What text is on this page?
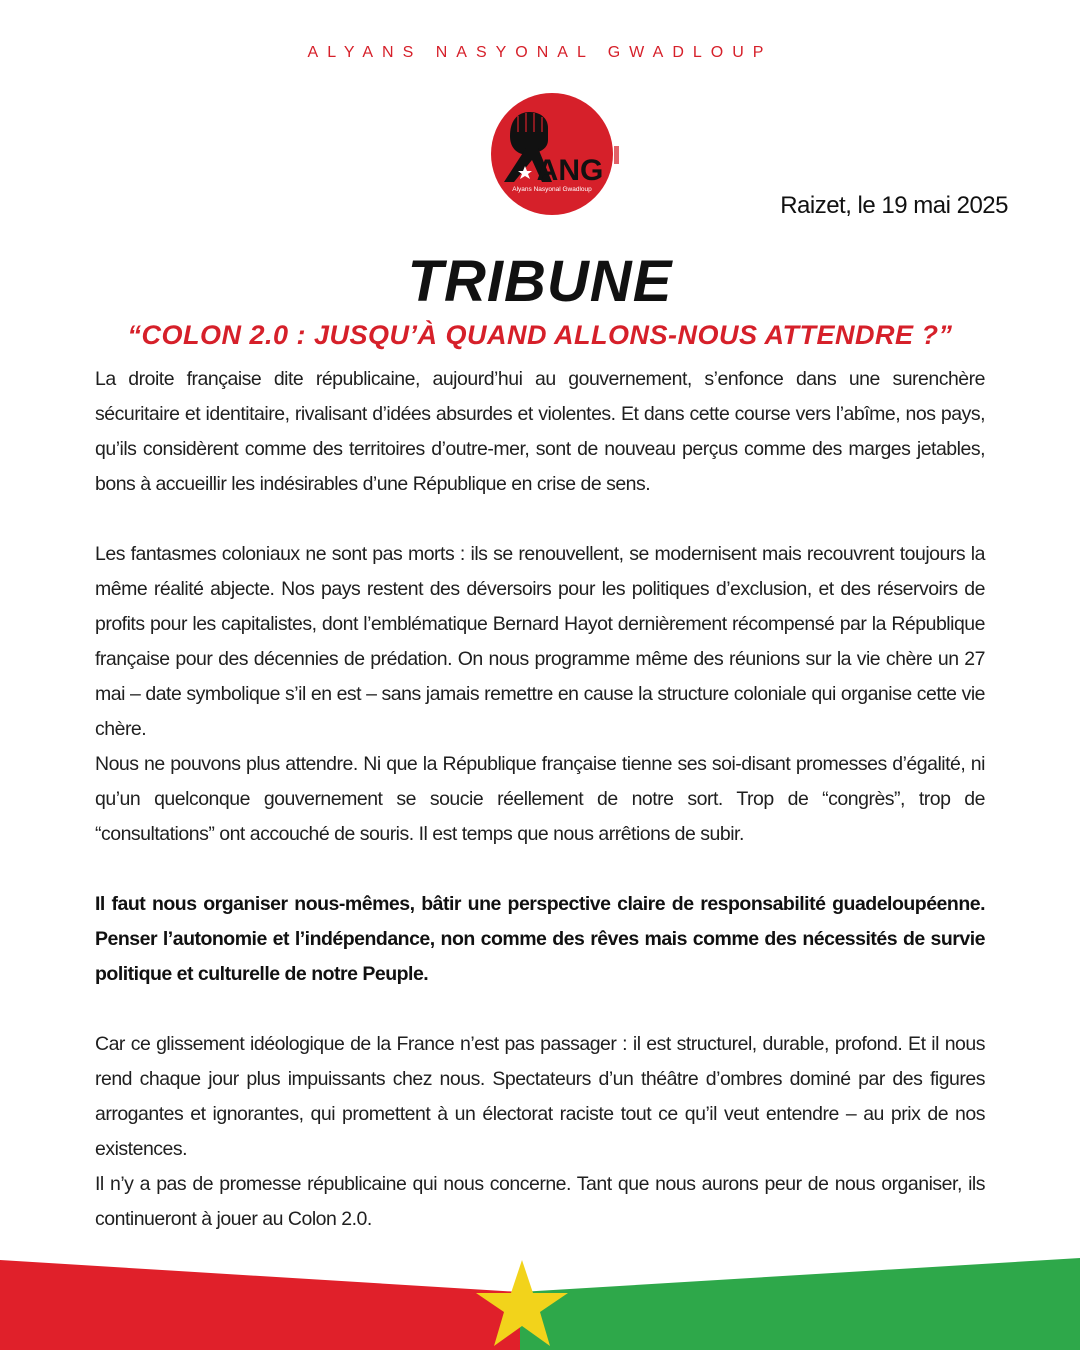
ALYANS NASYONAL GWADLOUP
ANG
Alyans Nasyonal Gwadloup
Raizet, le 19 mai 2025
TRIBUNE
“COLON 2.0 : JUSQU’À QUAND ALLONS-NOUS ATTENDRE ?”

La droite française dite républicaine, aujourd’hui au gouvernement, s’enfonce dans une surenchère sécuritaire et identitaire, rivalisant d’idées absurdes et violentes. Et dans cette course vers l’abîme, nos pays, qu’ils considèrent comme des territoires d’outre-mer, sont de nouveau perçus comme des marges jetables, bons à accueillir les indésirables d’une République en crise de sens.

Les fantasmes coloniaux ne sont pas morts : ils se renouvellent, se modernisent mais recouvrent toujours la même réalité abjecte. Nos pays restent des déversoirs pour les politiques d’exclusion, et des réservoirs de profits pour les capitalistes, dont l’emblématique Bernard Hayot dernièrement récompensé par la République française pour des décennies de prédation. On nous programme même des réunions sur la vie chère un 27 mai – date symbolique s’il en est – sans jamais remettre en cause la structure coloniale qui organise cette vie chère.

Nous ne pouvons plus attendre. Ni que la République française tienne ses soi-disant promesses d’égalité, ni qu’un quelconque gouvernement se soucie réellement de notre sort. Trop de “congrès”, trop de “consultations” ont accouché de souris. Il est temps que nous arrêtions de subir.

Il faut nous organiser nous-mêmes, bâtir une perspective claire de responsabilité guadeloupéenne. Penser l’autonomie et l’indépendance, non comme des rêves mais comme des nécessités de survie politique et culturelle de notre Peuple.

Car ce glissement idéologique de la France n’est pas passager : il est structurel, durable, profond. Et il nous rend chaque jour plus impuissants chez nous. Spectateurs d’un théâtre d’ombres dominé par des figures arrogantes et ignorantes, qui promettent à un électorat raciste tout ce qu’il veut entendre – au prix de nos existences.

Il n’y a pas de promesse républicaine qui nous concerne. Tant que nous aurons peur de nous organiser, ils continueront à jouer au Colon 2.0.
